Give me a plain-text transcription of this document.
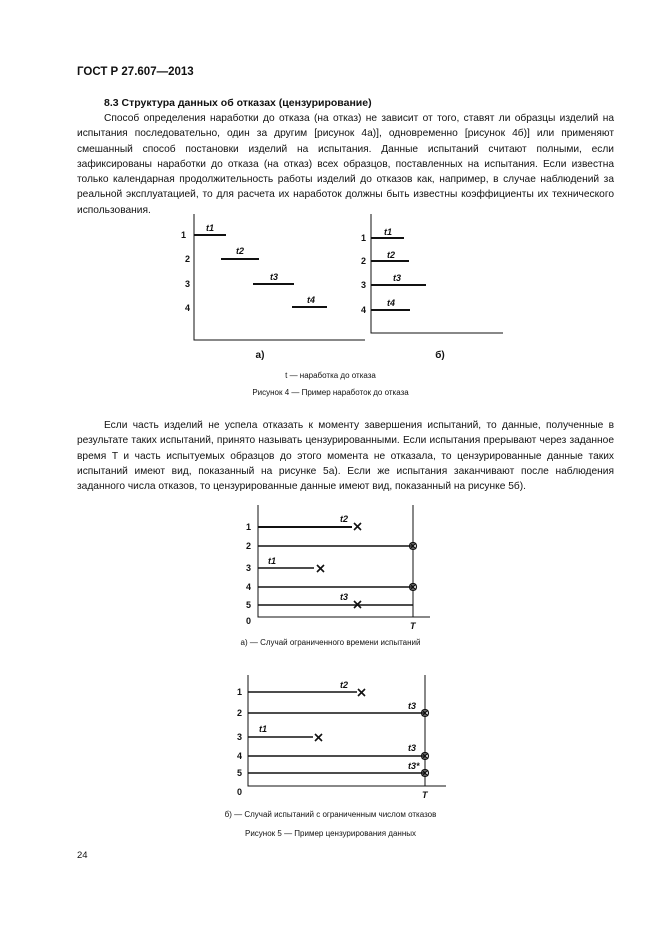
ГОСТ Р 27.607—2013
8.3 Структура данных об отказах (цензурирование)

Способ определения наработки до отказа (на отказ) не зависит от того, ставят ли образцы изделий на испытания последовательно, один за другим [рисунок 4а)], одновременно [рисунок 4б)] или применяют смешанный способ постановки изделий на испытания. Данные испытаний считают полными, если зафиксированы наработки до отказа (на отказ) всех образцов, поставленных на испытания. Если известна только календарная продолжительность работы изделий до отказов как, например, в случае наблюдений за реальной эксплуатацией, то для расчета их наработок должны быть известны коэффициенты их технического использования.

1
2
3
4
t1
t2
t3
t4
а)
1
2
3
4
t1
t2
t3
t4
б)
t — наработка до отказа
Рисунок 4 — Пример наработок до отказа

Если часть изделий не успела отказать к моменту завершения испытаний, то данные, полученные в результате таких испытаний, принято называть цензурированными. Если испытания прерывают через заданное время T и часть испытуемых образцов до этого момента не отказала, то цензурированные данные таких испытаний имеют вид, показанный на рисунке 5а). Если же испытания заканчивают после наблюдения заданного числа отказов, то цензурированные данные имеют вид, показанный на рисунке 5б).

1
2
3
4
5
0	T
t2
t1
t3
а) — Случай ограниченного времени испытаний
1
2
3
4
5
0	T
t2
t3
t1
t3
t3*
б) — Случай испытаний с ограниченным числом отказов
Рисунок 5 — Пример цензурирования данных
24
